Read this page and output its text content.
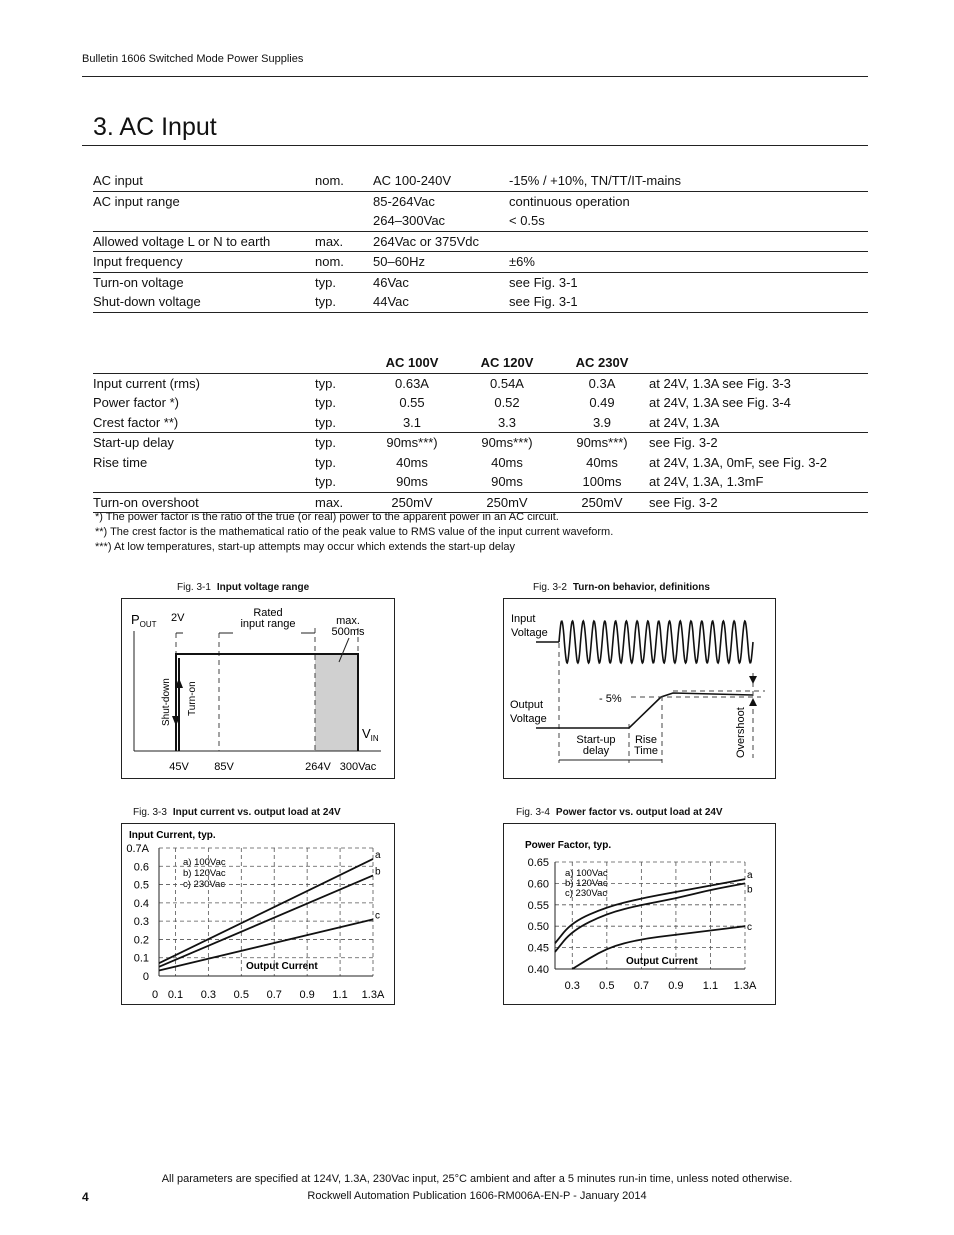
Bulletin 1606 Switched Mode Power Supplies
3. AC Input
AC input	nom.	AC 100-240V	-15% / +10%, TN/TT/IT-mains
AC input range		85-264Vac	continuous operation
		264–300Vac	< 0.5s
Allowed voltage L or N to earth	max.	264Vac or 375Vdc	
Input frequency	nom.	50–60Hz	±6%
Turn-on voltage	typ.	46Vac	see Fig. 3-1
Shut-down voltage	typ.	44Vac	see Fig. 3-1
		AC 100V	AC 120V	AC 230V	
Input current (rms)	typ.	0.63A	0.54A	0.3A	at 24V, 1.3A see Fig. 3-3
Power factor *)	typ.	0.55	0.52	0.49	at 24V, 1.3A see Fig. 3-4
Crest factor **)	typ.	3.1	3.3	3.9	at 24V, 1.3A
Start-up delay	typ.	90ms***)	90ms***)	90ms***)	see Fig. 3-2
Rise time	typ.	40ms	40ms	40ms	at 24V, 1.3A, 0mF, see Fig. 3-2
	typ.	90ms	90ms	100ms	at 24V, 1.3A, 1.3mF
Turn-on overshoot	max.	250mV	250mV	250mV	see Fig. 3-2
*) The power factor is the ratio of the true (or real) power to the apparent power in an AC circuit.
**) The crest factor is the mathematical ratio of the peak value to RMS value of the input current waveform.
***) At low temperatures, start-up attempts may occur which extends the start-up delay
Fig. 3-1 Input voltage range	Fig. 3-2 Turn-on behavior, definitions
Fig. 3-3 Input current vs. output load at 24V	Fig. 3-4 Power factor vs. output load at 24V
$P_{OUT}$
$V_{IN}$
Shut-down Turn-on
2V	Rated
input range	max.
500ms
45V 85V	264V 300Vac
Input
Voltage
Output
Voltage
- 5%
Overshoot
Start-up
delay
Rise
Time
Input Current, typ.
Output Current
a) 100Vac
b) 120Vac
c) 230Vac
0.7A
0.6
0.5
0.4
0.3
0.2
0.1
0
0 0.1 0.3 0.5 0.7 0.9 1.1 1.3A
a
b
c
Power Factor, typ.
Output Current
a) 100Vac
b) 120Vac
c) 230Vac
0.65
0.60
0.55
0.50
0.45
0.40
0.3 0.5 0.7 0.9 1.1 1.3A
a
b
c
All parameters are specified at 124V, 1.3A, 230Vac input, 25°C ambient and after a 5 minutes run-in time, unless noted otherwise.
Rockwell Automation Publication 1606-RM006A-EN-P - January 2014
4
